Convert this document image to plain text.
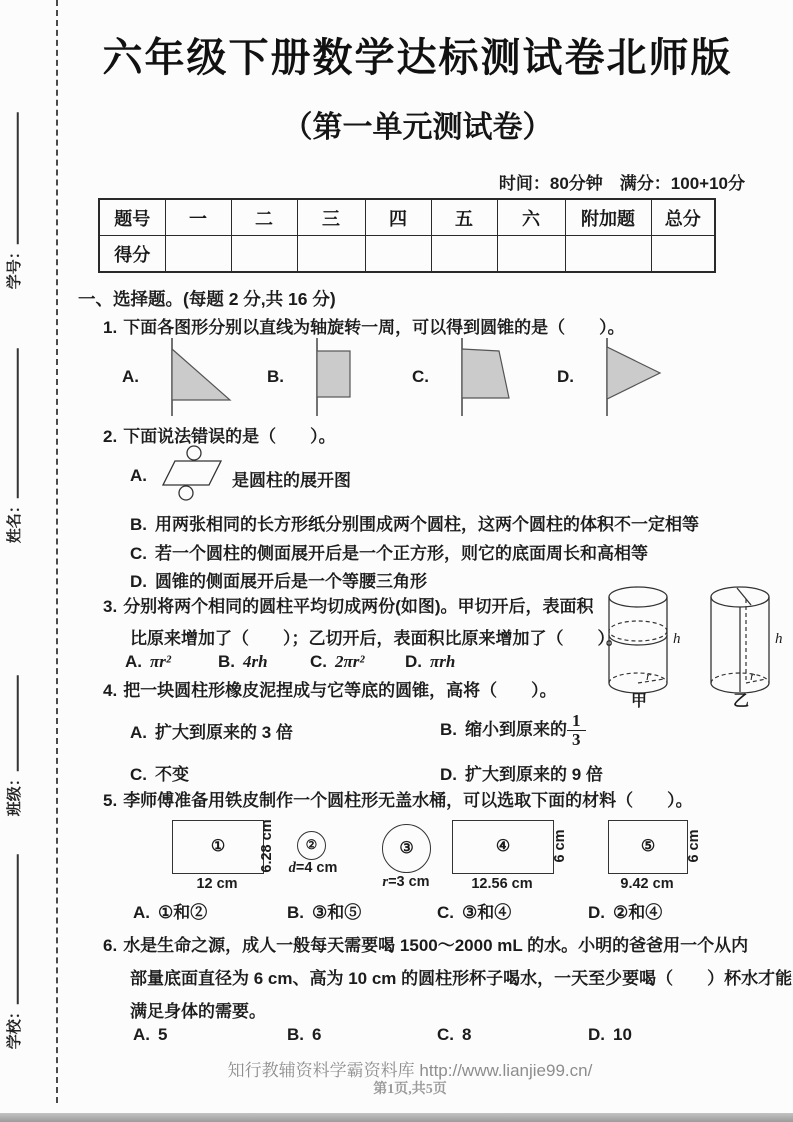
学号：
姓名：
班级：
学校：
六年级下册数学达标测试卷北师版
（第一单元测试卷）
时间：80分钟　满分：100+10分
题号	一	二	三	四	五	六	附加题	总分
得分								
一、选择题。(每题 2 分,共 16 分)
1. 下面各图形分别以直线为轴旋转一周，可以得到圆锥的是（　　）。
A.	B.	C.	D.
2. 下面说法错误的是（　　）。
A.	是圆柱的展开图
B. 用两张相同的长方形纸分别围成两个圆柱，这两个圆柱的体积不一定相等
C. 若一个圆柱的侧面展开后是一个正方形，则它的底面周长和高相等
D. 圆锥的侧面展开后是一个等腰三角形
3. 分别将两个相同的圆柱平均切成两份(如图)。甲切开后，表面积
比原来增加了（　　）；乙切开后，表面积比原来增加了（　　）。
A. πr²	B. 4rh C. 2πr² D. πrh
r
h
甲
r
h
乙
4. 把一块圆柱形橡皮泥捏成与它等底的圆锥，高将（　　）。
A. 扩大到原来的 3 倍	B. 缩小到原来的 $\frac{1}{3}$
C. 不变	D. 扩大到原来的 9 倍
5. 李师傅准备用铁皮制作一个圆柱形无盖水桶，可以选取下面的材料（　　）。
①	6.28 cm
12 cm
②
d=4 cm
③
r=3 cm
④	6 cm
12.56 cm
⑤	6 cm
9.42 cm
A. ①和②	B. ③和⑤	C. ③和④	D. ②和④
6. 水是生命之源，成人一般每天需要喝 1500～2000 mL 的水。小明的爸爸用一个从内
部量底面直径为 6 cm、高为 10 cm 的圆柱形杯子喝水，一天至少要喝（　　）杯水才能
满足身体的需要。
A. 5	B. 6	C. 8	D. 10
知行教辅资料学霸资料库 http://www.lianjie99.cn/
第1页,共5页
